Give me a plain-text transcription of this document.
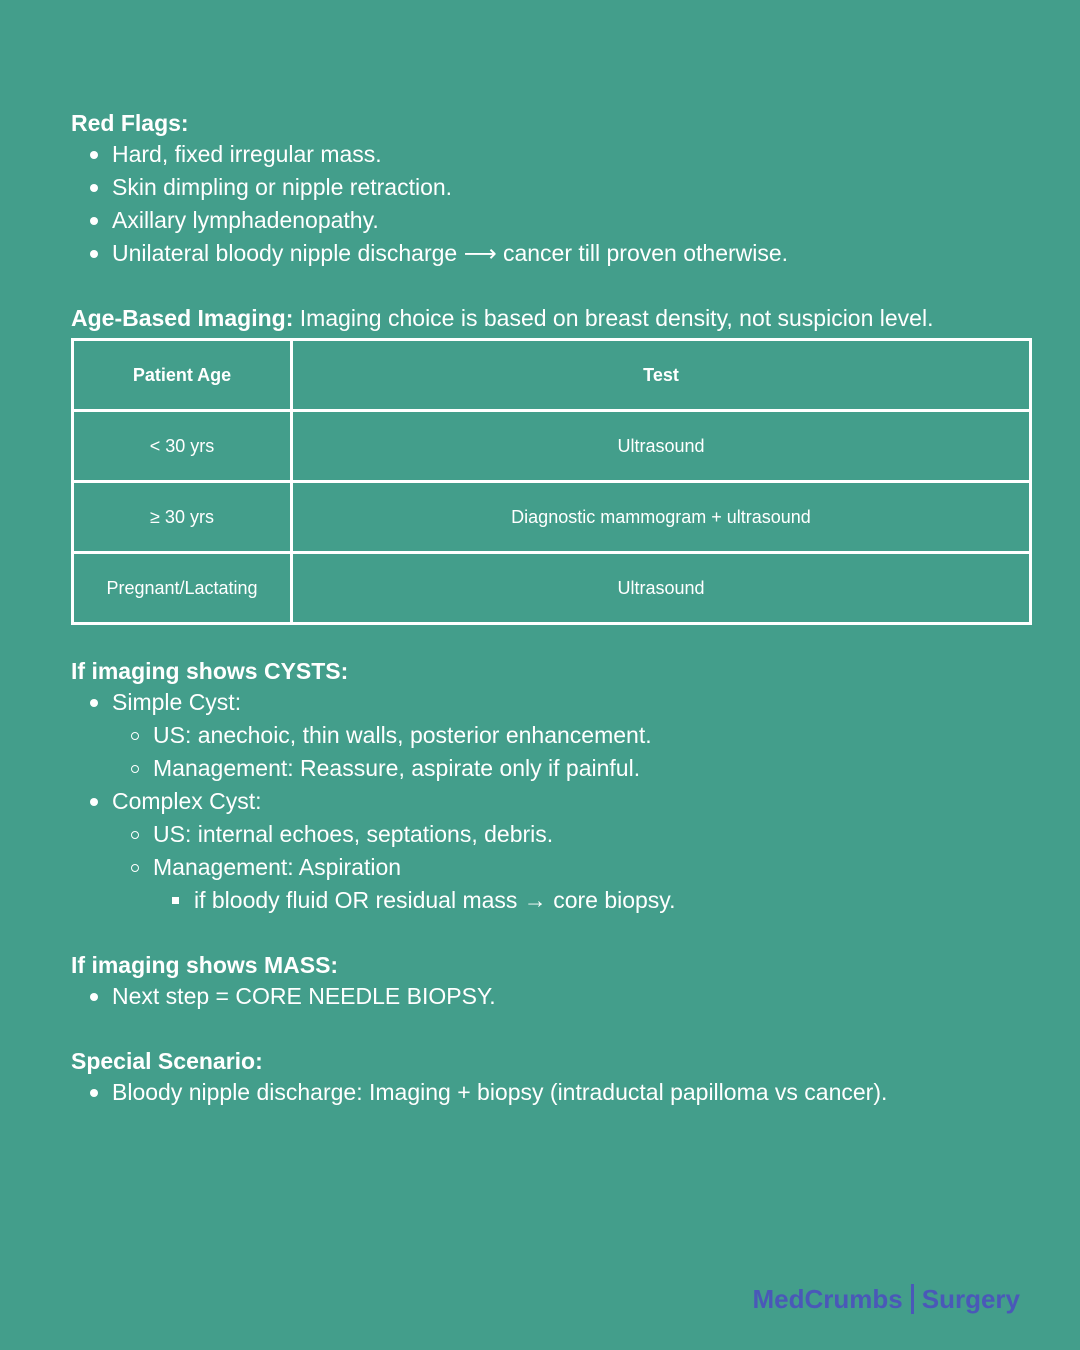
Red Flags:

Hard, fixed irregular mass.
Skin dimpling or nipple retraction.
Axillary lymphadenopathy.
Unilateral bloody nipple discharge ⟶ cancer till proven otherwise.

Age-Based Imaging: Imaging choice is based on breast density, not suspicion level.

Patient Age	Test
< 30 yrs	Ultrasound
≥ 30 yrs	Diagnostic mammogram + ultrasound
Pregnant/Lactating	Ultrasound

If imaging shows CYSTS:

Simple Cyst:
US: anechoic, thin walls, posterior enhancement.
Management: Reassure, aspirate only if painful.
Complex Cyst:
US: internal echoes, septations, debris.
Management: Aspiration
if bloody fluid OR residual mass → core biopsy.

If imaging shows MASS:

Next step = CORE NEEDLE BIOPSY.

Special Scenario:

Bloody nipple discharge: Imaging + biopsy (intraductal papilloma vs cancer).
MedCrumbs Surgery
